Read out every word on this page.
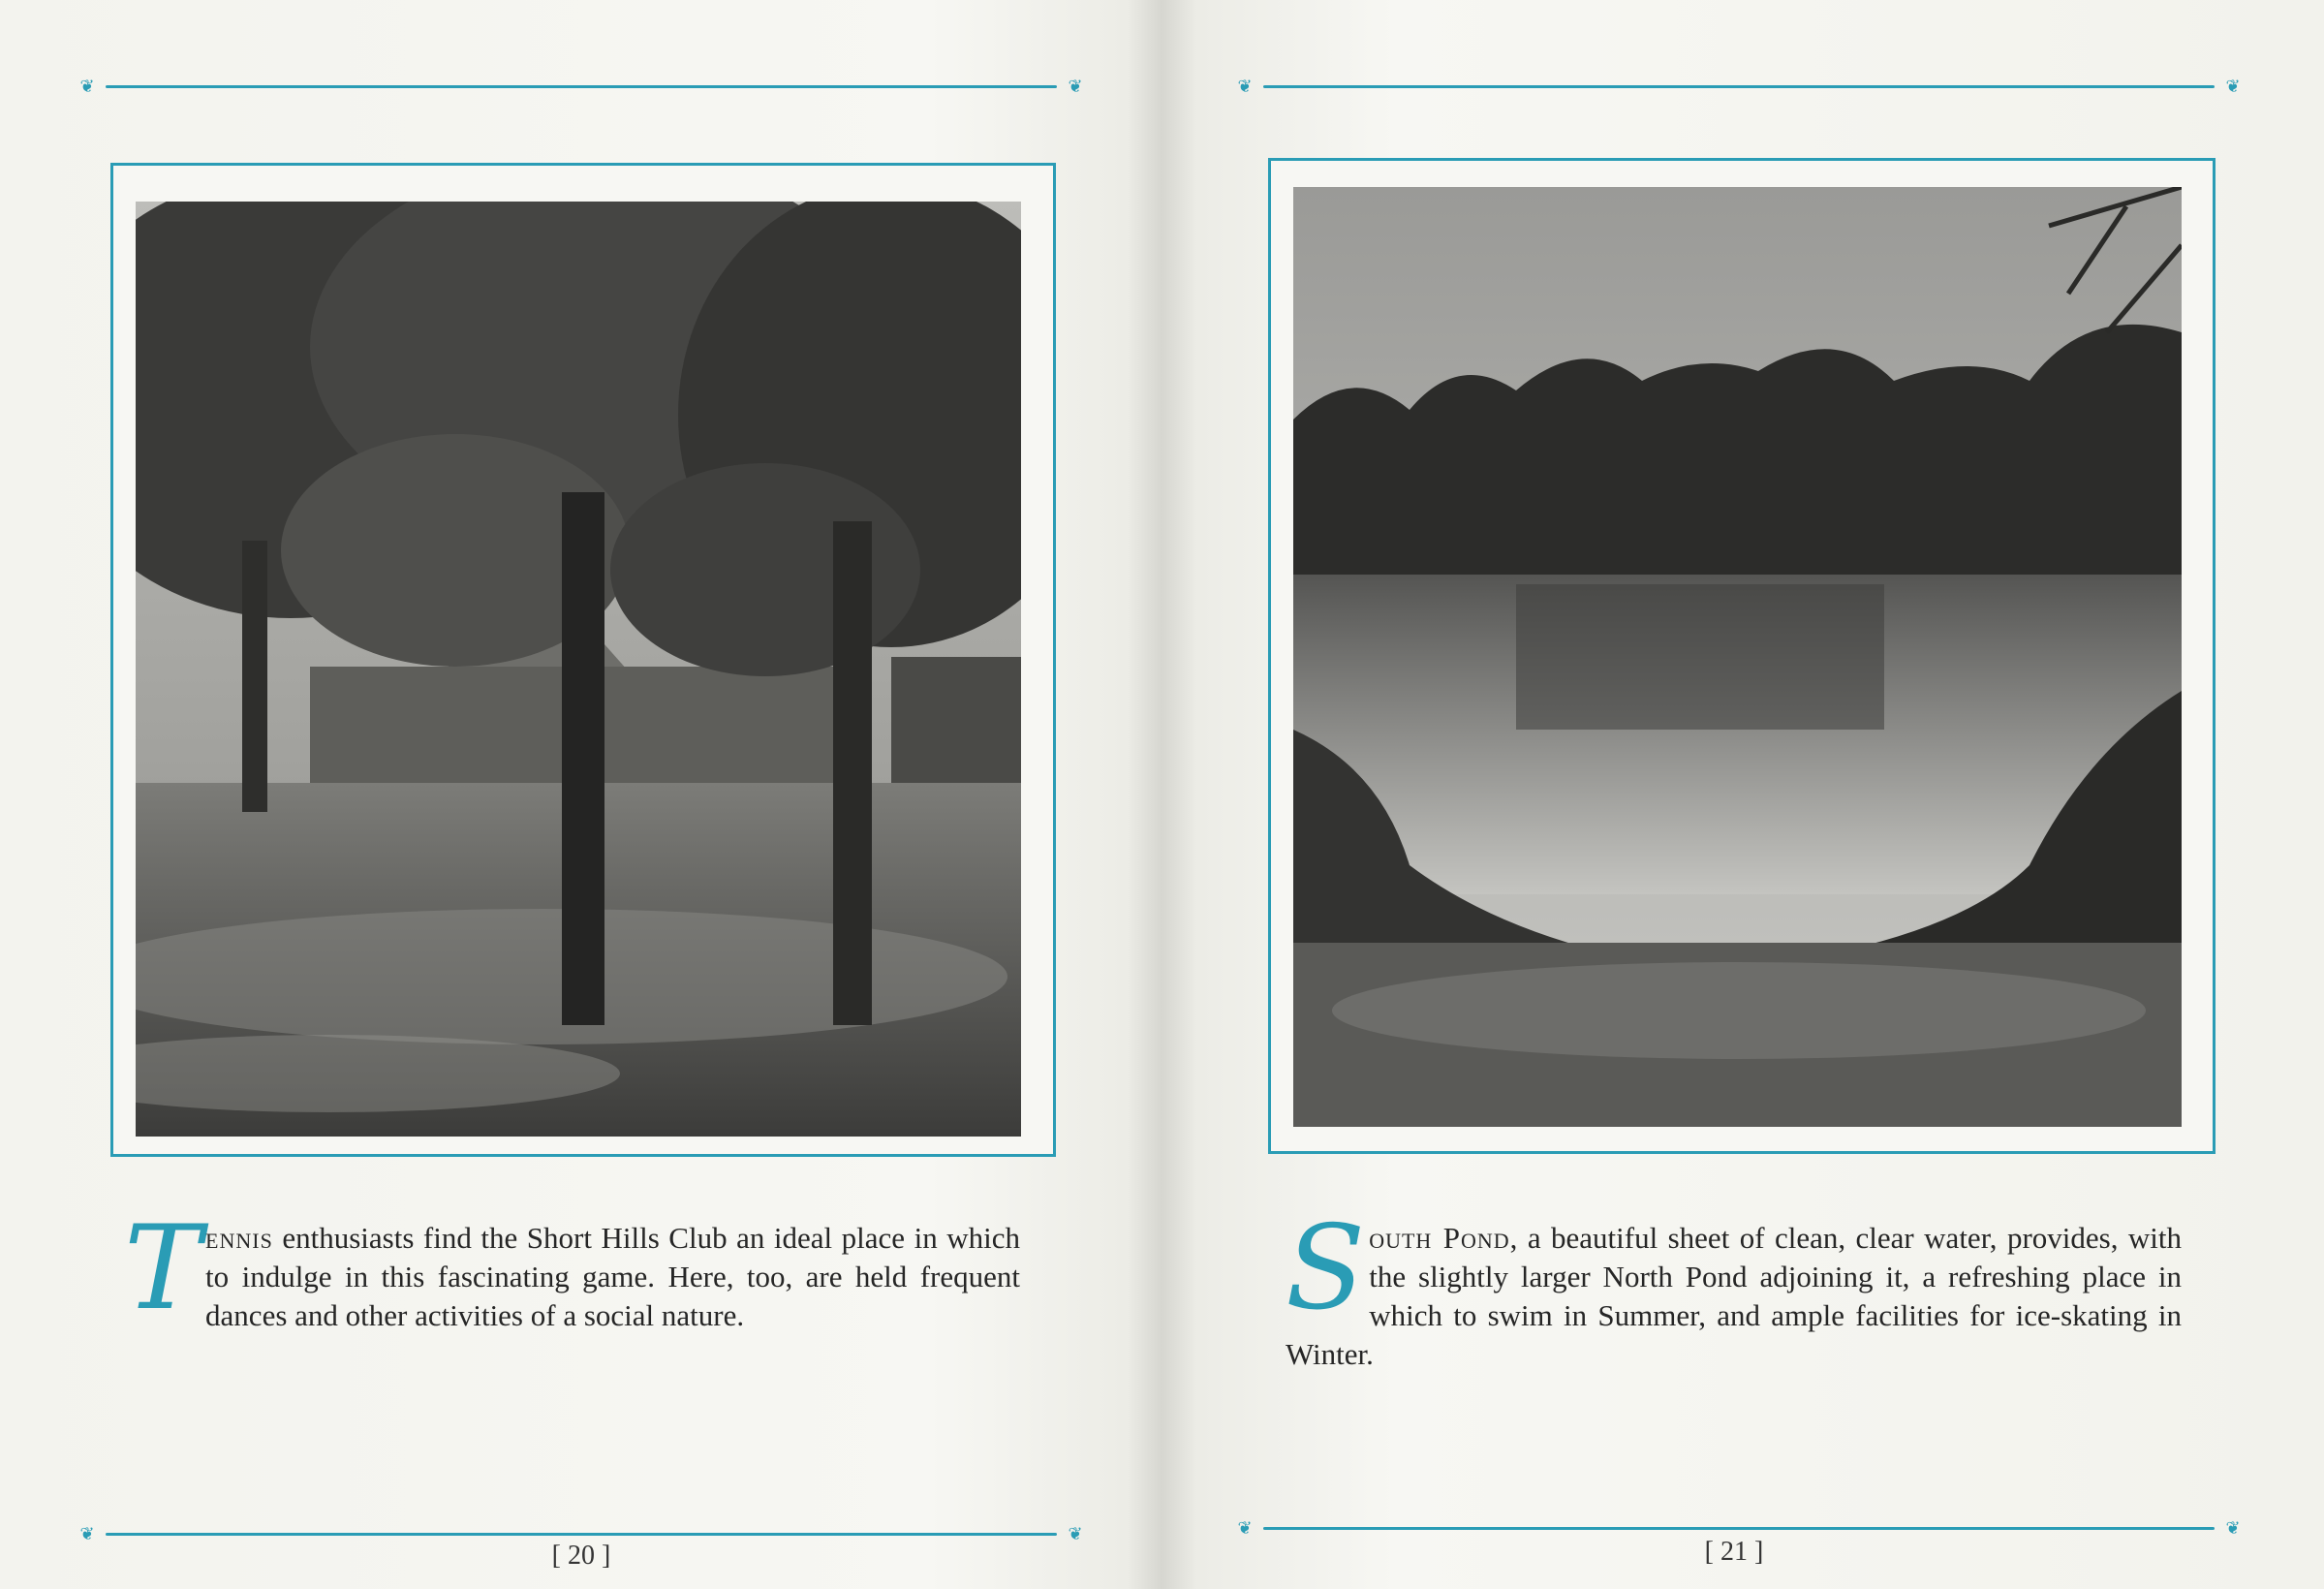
❦	❦
Tennis enthusiasts find the Short Hills Club an ideal place in which to indulge in this fascinating game. Here, too, are held frequent dances and other activities of a social nature.
❦	❦
[ 20 ]
❦	❦
South Pond, a beautiful sheet of clean, clear water, provides, with the slightly larger North Pond adjoining it, a refreshing place in which to swim in Summer, and ample facilities for ice-skating in Winter.
❦	❦
[ 21 ]
